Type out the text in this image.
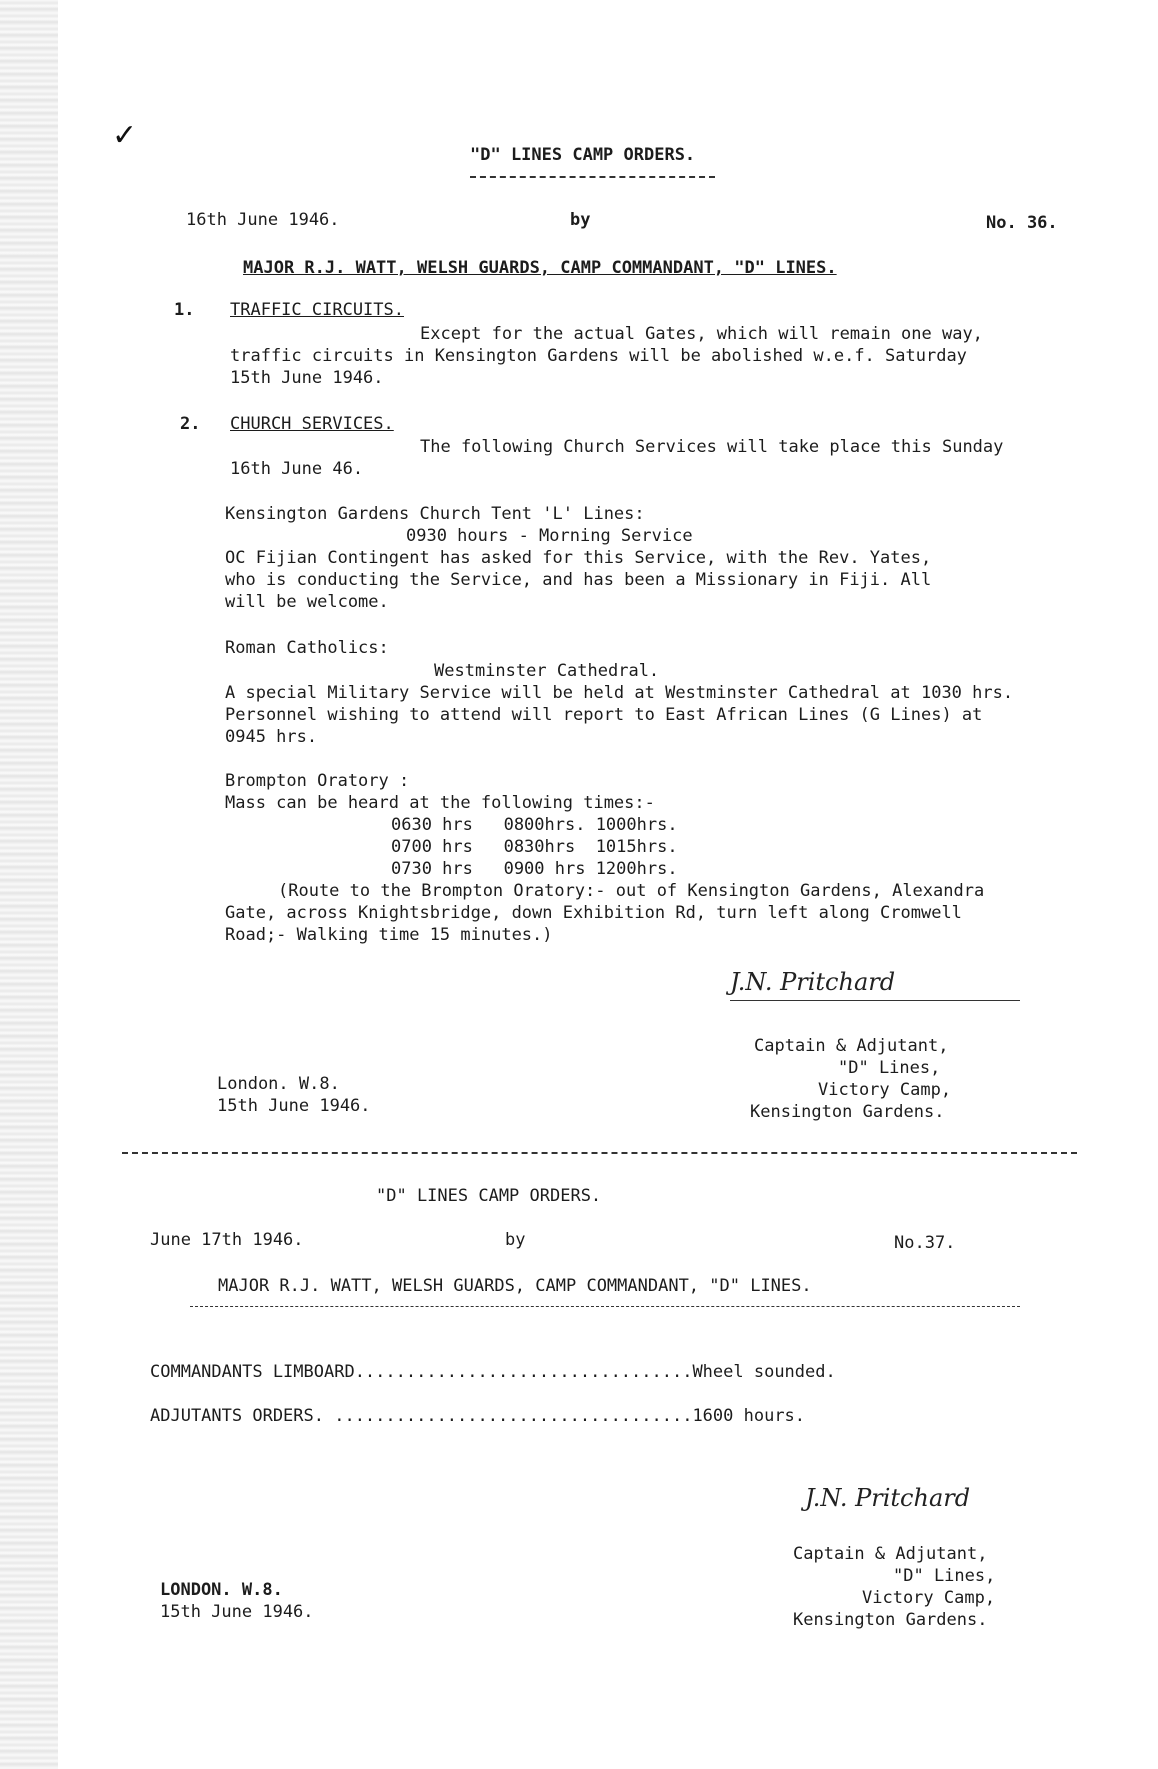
✓
"D" LINES CAMP ORDERS.
16th June 1946.	by	No. 36.
MAJOR R.J. WATT, WELSH GUARDS, CAMP COMMANDANT, "D" LINES.
1. TRAFFIC CIRCUITS.
Except for the actual Gates, which will remain one way,
traffic circuits in Kensington Gardens will be abolished w.e.f. Saturday
15th June 1946.
2. CHURCH SERVICES.
The following Church Services will take place this Sunday
16th June 46.
Kensington Gardens Church Tent 'L' Lines:
0930 hours - Morning Service
OC Fijian Contingent has asked for this Service, with the Rev. Yates,
who is conducting the Service, and has been a Missionary in Fiji. All
will be welcome.
Roman Catholics:
Westminster Cathedral.
A special Military Service will be held at Westminster Cathedral at 1030 hrs.
Personnel wishing to attend will report to East African Lines (G Lines) at
0945 hrs.
Brompton Oratory :
Mass can be heard at the following times:-
0630 hrs   0800hrs. 1000hrs.
0700 hrs   0830hrs  1015hrs.
0730 hrs   0900 hrs 1200hrs.
(Route to the Brompton Oratory:- out of Kensington Gardens, Alexandra
Gate, across Knightsbridge, down Exhibition Rd, turn left along Cromwell
Road;- Walking time 15 minutes.)
J.N. Pritchard
Captain & Adjutant,
"D" Lines,
Victory Camp,
Kensington Gardens.
London. W.8.
15th June 1946.
"D" LINES CAMP ORDERS.
June 17th 1946.	by	No.37.
MAJOR R.J. WATT, WELSH GUARDS, CAMP COMMANDANT, "D" LINES.
COMMANDANTS LIMBOARD.................................Wheel sounded.
ADJUTANTS ORDERS. ...................................1600 hours.
J.N. Pritchard
Captain & Adjutant,
"D" Lines,
Victory Camp,
Kensington Gardens.
LONDON. W.8.
15th June 1946.
